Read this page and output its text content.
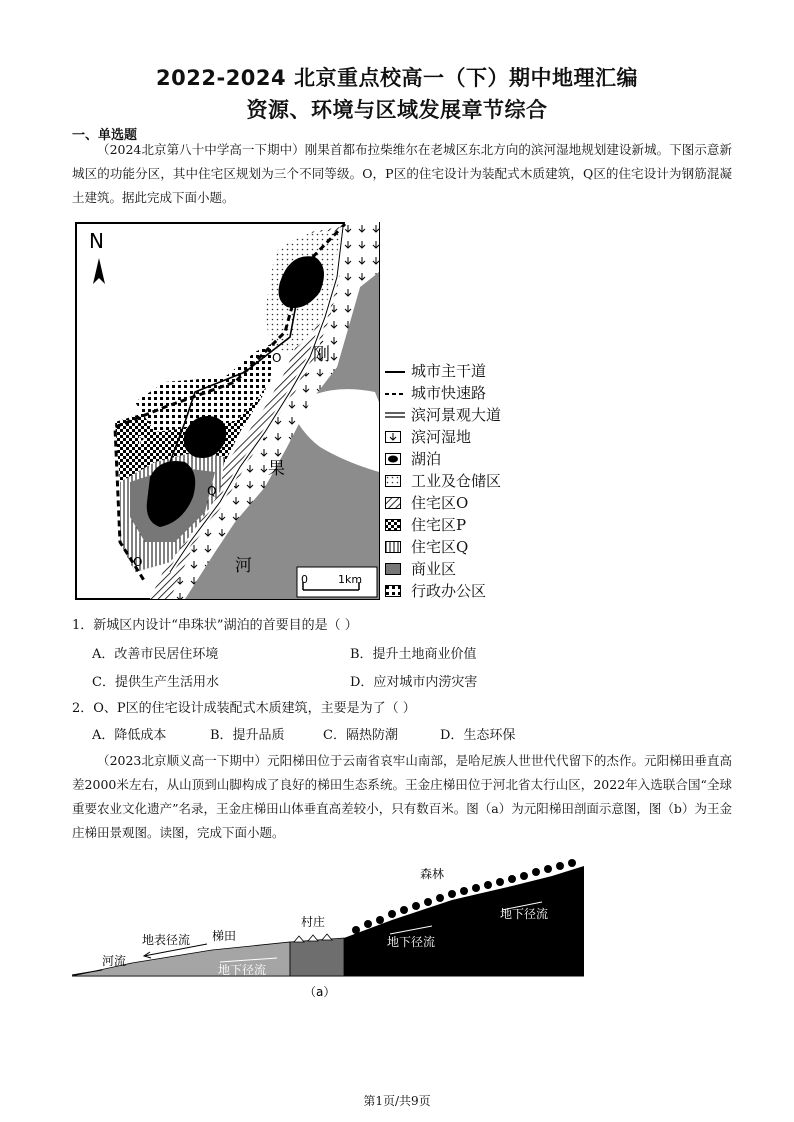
2022-2024 北京重点校高一（下）期中地理汇编
资源、环境与区域发展章节综合
一、单选题
（2024北京第八十中学高一下期中）刚果首都布拉柴维尔在老城区东北方向的滨河湿地规划建设新城。下图示意新城区的功能分区，其中住宅区规划为三个不同等级。O，P区的住宅设计为装配式木质建筑，Q区的住宅设计为钢筋混凝土建筑。据此完成下面小题。
N
刚
果
河
O
P
Q
O
0	1km
城市主干道
城市快速路
滨河景观大道
滨河湿地
湖泊
工业及仓储区
住宅区O
住宅区P
住宅区Q
商业区
行政办公区
1．新城区内设计“串珠状”湖泊的首要目的是（ ）
A．改善市民居住环境	B．提升土地商业价值
C．提供生产生活用水	D．应对城市内涝灾害
2．O、P区的住宅设计成装配式木质建筑，主要是为了（ ）
A．降低成本	B．提升品质	C．隔热防潮	D．生态环保
（2023北京顺义高一下期中）元阳梯田位于云南省哀牢山南部，是哈尼族人世世代代留下的杰作。元阳梯田垂直高差2000米左右，从山顶到山脚构成了良好的梯田生态系统。王金庄梯田位于河北省太行山区，2022年入选联合国“全球重要农业文化遗产”名录，王金庄梯田山体垂直高差较小，只有数百米。图（a）为元阳梯田剖面示意图，图（b）为王金庄梯田景观图。读图，完成下面小题。
森林
村庄
梯田
地表径流
河流
地下径流
地下径流
地下径流
（a）
第1页/共9页
